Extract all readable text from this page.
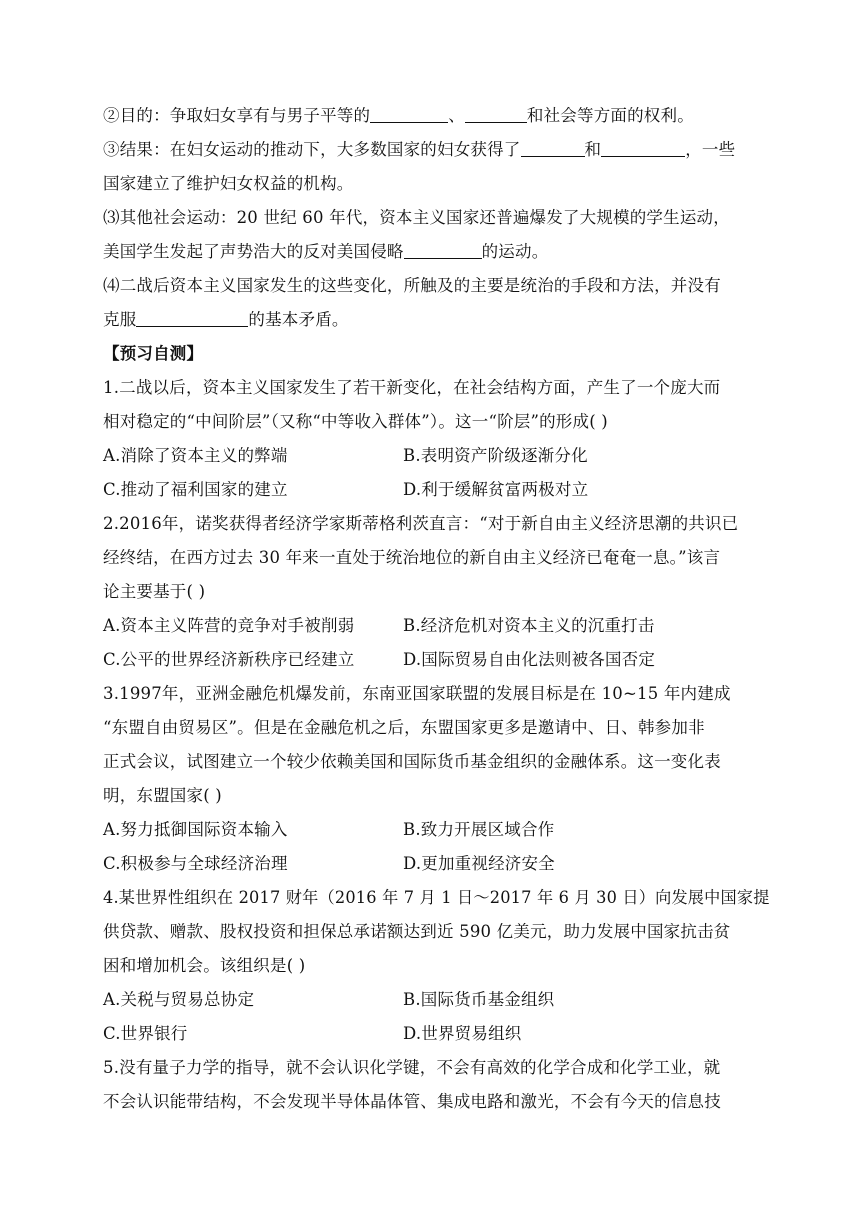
②目的：争取妇女享有与男子平等的	、	和社会等方面的权利。
③结果：在妇女运动的推动下，大多数国家的妇女获得了	和	，一些
国家建立了维护妇女权益的机构。
⑶其他社会运动：20 世纪 60 年代，资本主义国家还普遍爆发了大规模的学生运动，
美国学生发起了声势浩大的反对美国侵略	的运动。
⑷二战后资本主义国家发生的这些变化，所触及的主要是统治的手段和方法，并没有
克服	的基本矛盾。
【预习自测】
1.二战以后，资本主义国家发生了若干新变化，在社会结构方面，产生了一个庞大而
相对稳定的“中间阶层”（又称“中等收入群体”）。这一“阶层”的形成( )
A.消除了资本主义的弊端	B.表明资产阶级逐渐分化
C.推动了福利国家的建立	D.利于缓解贫富两极对立
2.2016年，诺奖获得者经济学家斯蒂格利茨直言：“对于新自由主义经济思潮的共识已
经终结，在西方过去 30 年来一直处于统治地位的新自由主义经济已奄奄一息。”该言
论主要基于( )
A.资本主义阵营的竞争对手被削弱	B.经济危机对资本主义的沉重打击
C.公平的世界经济新秩序已经建立	D.国际贸易自由化法则被各国否定
3.1997年，亚洲金融危机爆发前，东南亚国家联盟的发展目标是在 10~15 年内建成
“东盟自由贸易区”。但是在金融危机之后，东盟国家更多是邀请中、日、韩参加非
正式会议，试图建立一个较少依赖美国和国际货币基金组织的金融体系。这一变化表
明，东盟国家( )
A.努力抵御国际资本输入	B.致力开展区域合作
C.积极参与全球经济治理	D.更加重视经济安全
4.某世界性组织在 2017 财年（2016 年 7 月 1 日～2017 年 6 月 30 日）向发展中国家提
供贷款、赠款、股权投资和担保总承诺额达到近 590 亿美元，助力发展中国家抗击贫
困和增加机会。该组织是( )
A.关税与贸易总协定	B.国际货币基金组织
C.世界银行	D.世界贸易组织
5.没有量子力学的指导，就不会认识化学键，不会有高效的化学合成和化学工业，就
不会认识能带结构，不会发现半导体晶体管、集成电路和激光，不会有今天的信息技
